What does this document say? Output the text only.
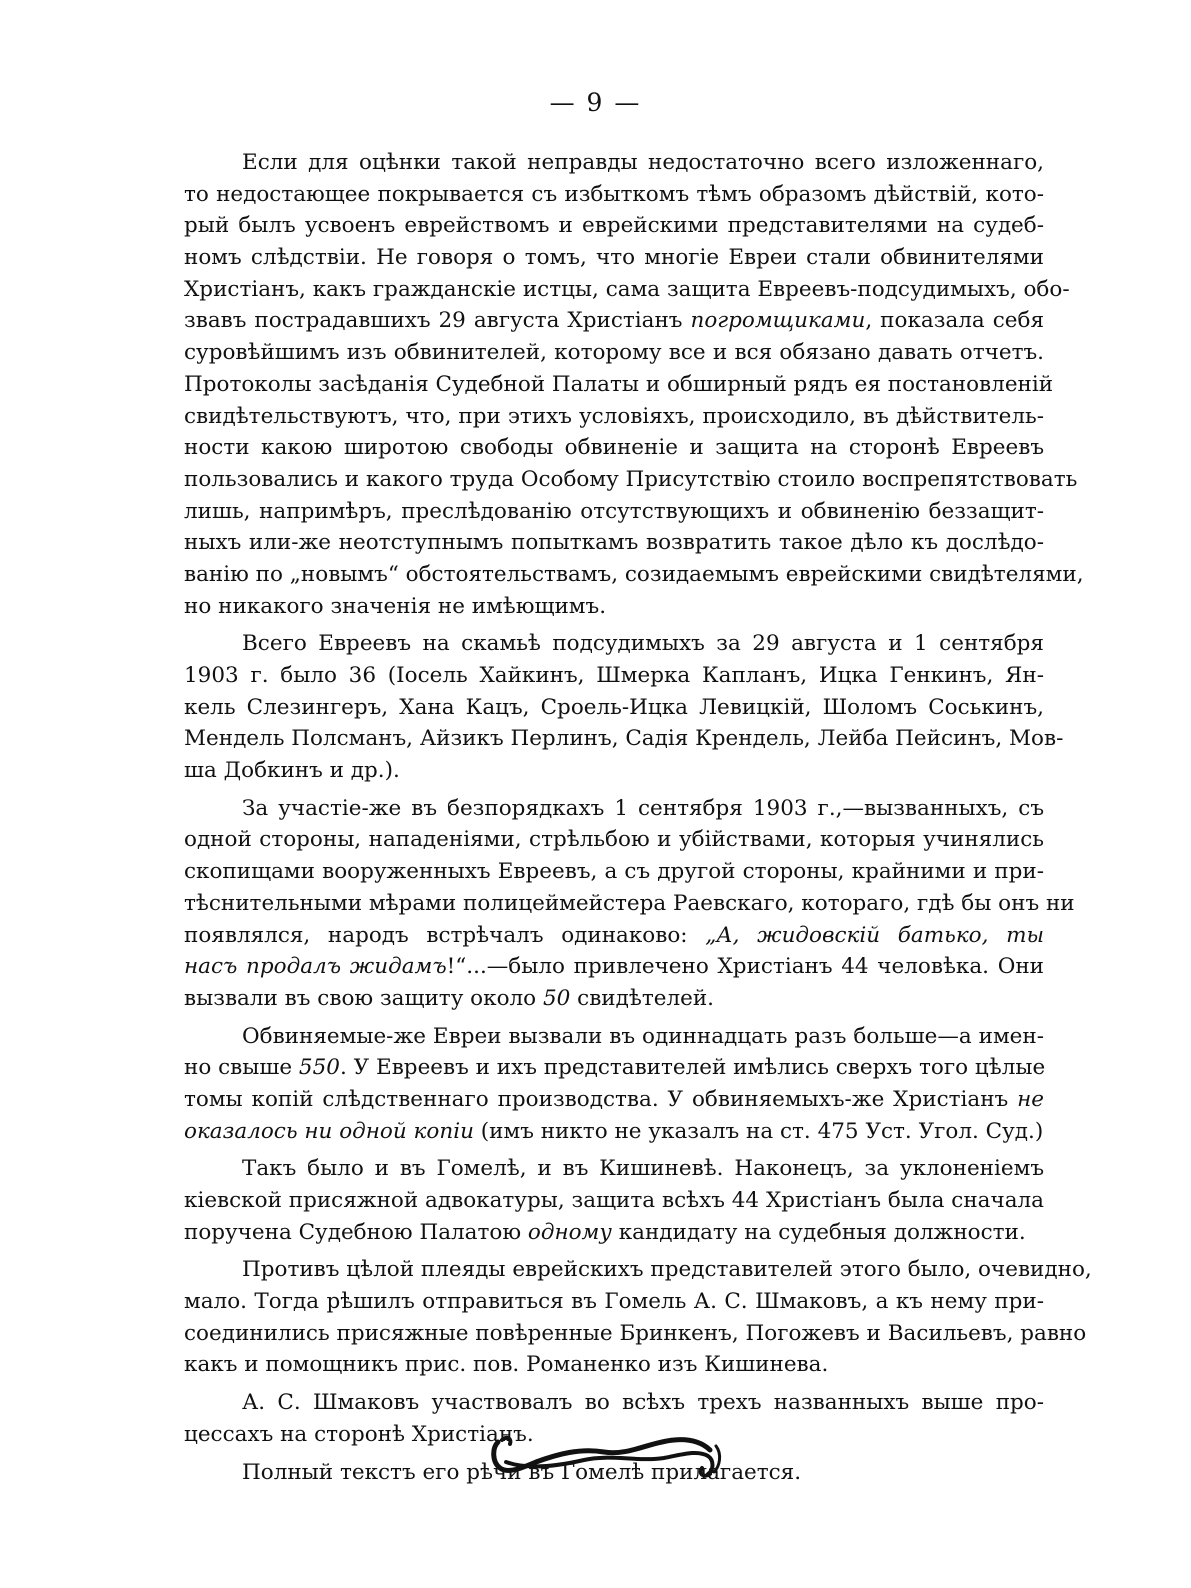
— 9 —
Если для оцѣнки такой неправды недостаточно всего изложеннаго,
то недостающее покрывается съ избыткомъ тѣмъ образомъ дѣйствій, кото-
рый былъ усвоенъ еврействомъ и еврейскими представителями на судеб-
номъ слѣдствіи. Не говоря о томъ, что многіе Евреи стали обвинителями
Христіанъ, какъ гражданскіе истцы, сама защита Евреевъ-подсудимыхъ, обо-
звавъ пострадавшихъ 29 августа Христіанъ погромщиками, показала себя
суровѣйшимъ изъ обвинителей, которому все и вся обязано давать отчетъ.
Протоколы засѣданія Судебной Палаты и обширный рядъ ея постановленій
свидѣтельствуютъ, что, при этихъ условіяхъ, происходило, въ дѣйствитель-
ности какою широтою свободы обвиненіе и защита на сторонѣ Евреевъ
пользовались и какого труда Особому Присутствію стоило воспрепятствовать
лишь, напримѣръ, преслѣдованію отсутствующихъ и обвиненію беззащит-
ныхъ или-же неотступнымъ попыткамъ возвратить такое дѣло къ дослѣдо-
ванію по „новымъ“ обстоятельствамъ, созидаемымъ еврейскими свидѣтелями,
но никакого значенія не имѣющимъ.
Всего Евреевъ на скамьѣ подсудимыхъ за 29 августа и 1 сентября
1903 г. было 36 (Іосель Хайкинъ, Шмерка Капланъ, Ицка Генкинъ, Ян-
кель Слезингеръ, Хана Кацъ, Сроель-Ицка Левицкій, Шоломъ Соськинъ,
Мендель Полсманъ, Айзикъ Перлинъ, Садія Крендель, Лейба Пейсинъ, Мов-
ша Добкинъ и др.).
За участіе-же въ безпорядкахъ 1 сентября 1903 г.,—вызванныхъ, съ
одной стороны, нападеніями, стрѣльбою и убійствами, которыя учинялись
скопищами вооруженныхъ Евреевъ, а съ другой стороны, крайними и при-
тѣснительными мѣрами полицеймейстера Раевскаго, котораго, гдѣ бы онъ ни
появлялся, народъ встрѣчалъ одинаково: „А, жидовскій батько, ты
насъ продалъ жидамъ!“...—было привлечено Христіанъ 44 человѣка. Они
вызвали въ свою защиту около 50 свидѣтелей.
Обвиняемые-же Евреи вызвали въ одиннадцать разъ больше—а имен-
но свыше 550. У Евреевъ и ихъ представителей имѣлись сверхъ того цѣлые
томы копій слѣдственнаго производства. У обвиняемыхъ-же Христіанъ не
оказалось ни одной копіи (имъ никто не указалъ на ст. 475 Уст. Угол. Суд.)
Такъ было и въ Гомелѣ, и въ Кишиневѣ. Наконецъ, за уклоненіемъ
кіевской присяжной адвокатуры, защита всѣхъ 44 Христіанъ была сначала
поручена Судебною Палатою одному кандидату на судебныя должности.
Противъ цѣлой плеяды еврейскихъ представителей этого было, очевидно,
мало. Тогда рѣшилъ отправиться въ Гомель А. С. Шмаковъ, а къ нему при-
соединились присяжные повѣренные Бринкенъ, Погожевъ и Васильевъ, равно
какъ и помощникъ прис. пов. Романенко изъ Кишинева.
А. С. Шмаковъ участвовалъ во всѣхъ трехъ названныхъ выше про-
цессахъ на сторонѣ Христіанъ.
Полный текстъ его рѣчи въ Гомелѣ прилагается.
